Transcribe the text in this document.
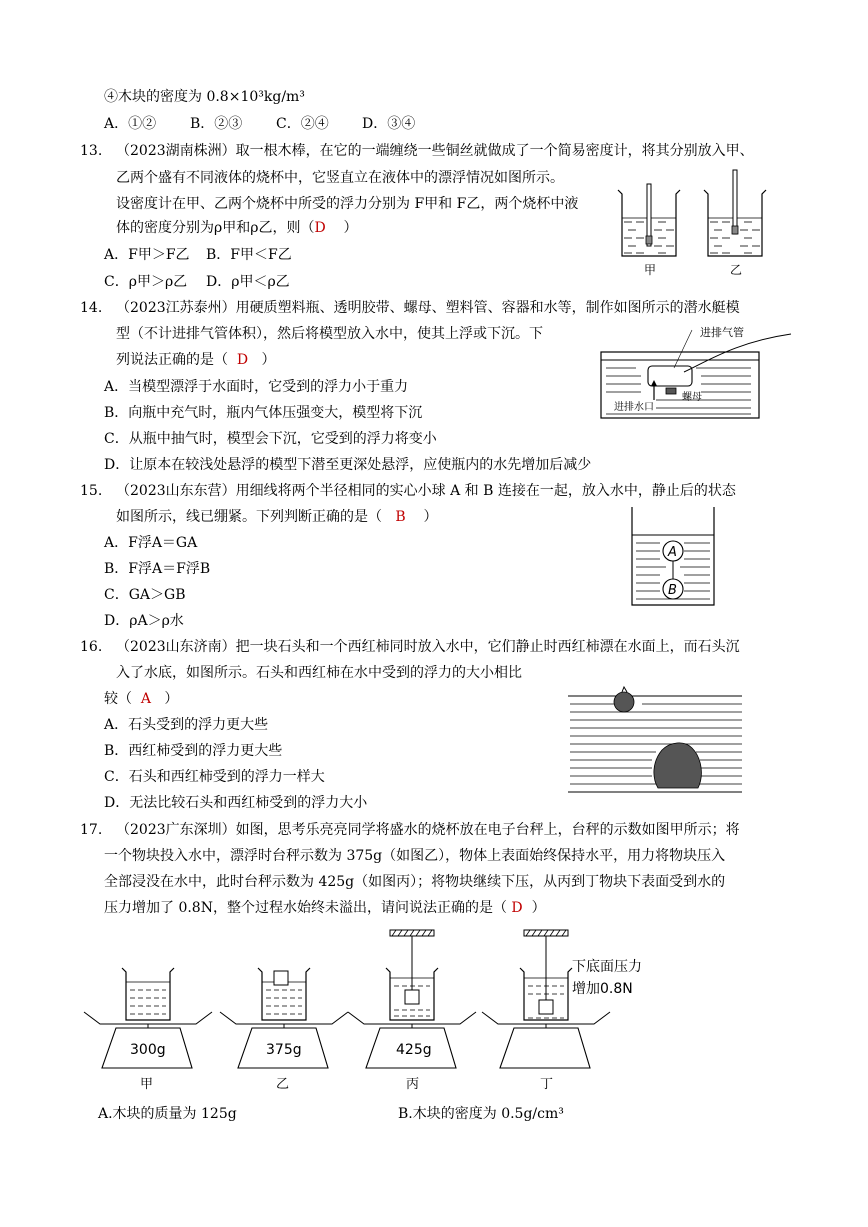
④木块的密度为 0.8×10³kg/m³
A．①② B．②③ C．②④ D．③④
13. （2023湖南株洲）取一根木棒，在它的一端缠绕一些铜丝就做成了一个简易密度计，将其分别放入甲、
乙两个盛有不同液体的烧杯中，它竖直立在液体中的漂浮情况如图所示。
设密度计在甲、乙两个烧杯中所受的浮力分别为 F甲和 F乙，两个烧杯中液
体的密度分别为ρ甲和ρ乙，则（D ）
A．F甲＞F乙 B．F甲＜F乙
C．ρ甲＞ρ乙 D．ρ甲＜ρ乙
甲	乙
14. （2023江苏泰州）用硬质塑料瓶、透明胶带、螺母、塑料管、容器和水等，制作如图所示的潜水艇模
型（不计进排气管体积），然后将模型放入水中，使其上浮或下沉。下
列说法正确的是（ D ）
A．当模型漂浮于水面时，它受到的浮力小于重力
B．向瓶中充气时，瓶内气体压强变大，模型将下沉
C．从瓶中抽气时，模型会下沉，它受到的浮力将变小
D．让原本在较浅处悬浮的模型下潜至更深处悬浮，应使瓶内的水先增加后减少
进排气管
螺母
进排水口
15. （2023山东东营）用细线将两个半径相同的实心小球 A 和 B 连接在一起，放入水中，静止后的状态
如图所示，线已绷紧。下列判断正确的是（ B ）
A．F浮A＝GA
B．F浮A＝F浮B
C．GA＞GB
D．ρA＞ρ水
A
B
16. （2023山东济南）把一块石头和一个西红柿同时放入水中，它们静止时西红柿漂在水面上，而石头沉
入了水底，如图所示。石头和西红柿在水中受到的浮力的大小相比
较（ A ）
A．石头受到的浮力更大些
B．西红柿受到的浮力更大些
C．石头和西红柿受到的浮力一样大
D．无法比较石头和西红柿受到的浮力大小
17. （2023广东深圳）如图，思考乐亮亮同学将盛水的烧杯放在电子台秤上，台秤的示数如图甲所示；将
一个物块投入水中，漂浮时台秤示数为 375g（如图乙），物体上表面始终保持水平，用力将物块压入
全部浸没在水中，此时台秤示数为 425g（如图丙）；将物块继续下压，从丙到丁物块下表面受到水的
压力增加了 0.8N，整个过程水始终未溢出，请问说法正确的是（ D ）
300g
甲
375g
乙
425g
丙	丁
下底面压力
增加0.8N
A.木块的质量为 125g	B.木块的密度为 0.5g/cm³
